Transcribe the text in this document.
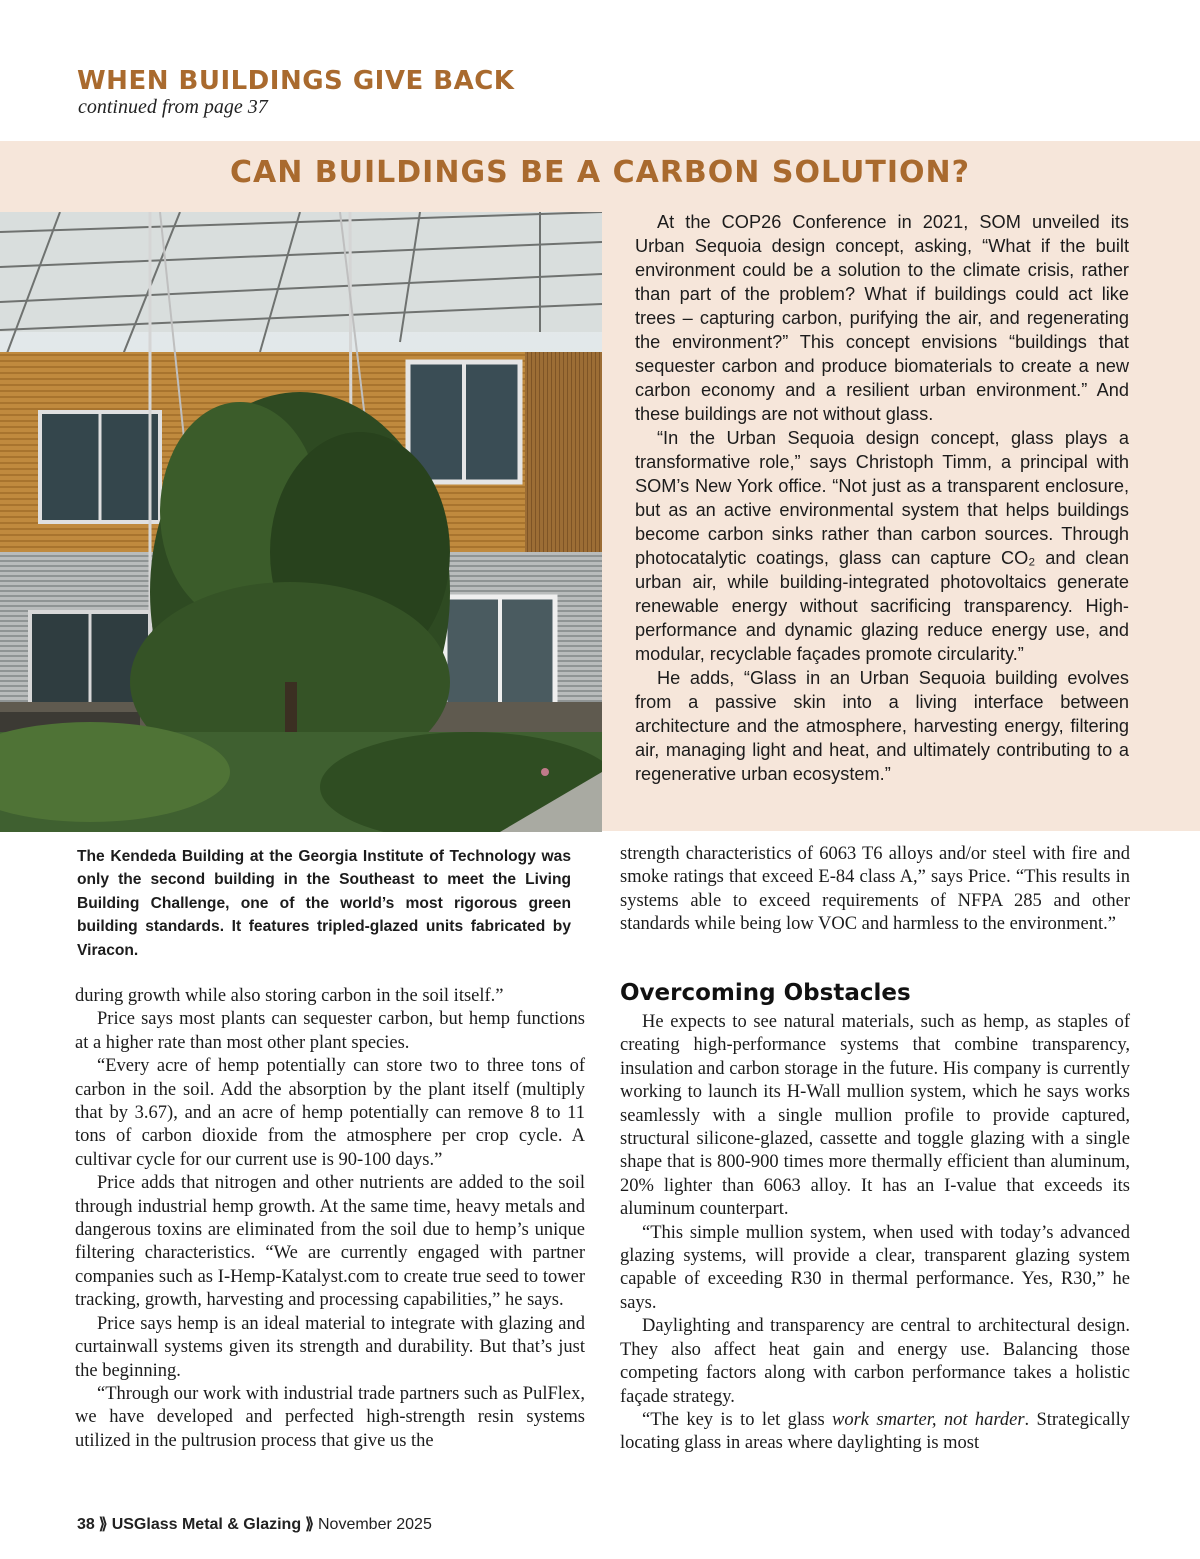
WHEN BUILDINGS GIVE BACK
continued from page 37
CAN BUILDINGS BE A CARBON SOLUTION?

At the COP26 Conference in 2021, SOM unveiled its Urban Sequoia design concept, asking, “What if the built environment could be a solution to the climate crisis, rather than part of the problem? What if buildings could act like trees – capturing carbon, purifying the air, and regenerating the environment?” This concept envisions “buildings that sequester carbon and produce biomaterials to create a new carbon economy and a resilient urban environment.” And these buildings are not without glass.

“In the Urban Sequoia design concept, glass plays a transformative role,” says Christoph Timm, a principal with SOM’s New York office. “Not just as a transparent enclosure, but as an active environmental system that helps buildings become carbon sinks rather than carbon sources. Through photocatalytic coatings, glass can capture CO₂ and clean urban air, while building-integrated photovoltaics generate renewable energy without sacrificing transparency. High-performance and dynamic glazing reduce energy use, and modular, recyclable façades promote circularity.”

He adds, “Glass in an Urban Sequoia building evolves from a passive skin into a living interface between architecture and the atmosphere, harvesting energy, filtering air, managing light and heat, and ultimately contributing to a regenerative urban ecosystem.”

The Kendeda Building at the Georgia Institute of Technology was only the second building in the Southeast to meet the Living Building Challenge, one of the world’s most rigorous green building standards. It features tripled-glazed units fabricated by Viracon.

during growth while also storing carbon in the soil itself.”

Price says most plants can sequester carbon, but hemp functions at a higher rate than most other plant species.

“Every acre of hemp potentially can store two to three tons of carbon in the soil. Add the absorption by the plant itself (multiply that by 3.67), and an acre of hemp potentially can remove 8 to 11 tons of carbon dioxide from the atmosphere per crop cycle. A cultivar cycle for our current use is 90-100 days.”

Price adds that nitrogen and other nutrients are added to the soil through industrial hemp growth. At the same time, heavy metals and dangerous toxins are eliminated from the soil due to hemp’s unique filtering characteristics. “We are currently engaged with partner companies such as I-Hemp-Katalyst.com to create true seed to tower tracking, growth, harvesting and processing capabilities,” he says.

Price says hemp is an ideal material to integrate with glazing and curtainwall systems given its strength and durability. But that’s just the beginning.

“Through our work with industrial trade partners such as PulFlex, we have developed and perfected high-strength resin systems utilized in the pultrusion process that give us the

strength characteristics of 6063 T6 alloys and/or steel with fire and smoke ratings that exceed E-84 class A,” says Price. “This results in systems able to exceed requirements of NFPA 285 and other standards while being low VOC and harmless to the environment.”

Overcoming Obstacles

He expects to see natural materials, such as hemp, as staples of creating high-performance systems that combine transparency, insulation and carbon storage in the future. His company is currently working to launch its H-Wall mullion system, which he says works seamlessly with a single mullion profile to provide captured, structural silicone-glazed, cassette and toggle glazing with a single shape that is 800-900 times more thermally efficient than aluminum, 20% lighter than 6063 alloy. It has an I-value that exceeds its aluminum counterpart.

“This simple mullion system, when used with today’s advanced glazing systems, will provide a clear, transparent glazing system capable of exceeding R30 in thermal performance. Yes, R30,” he says.

Daylighting and transparency are central to architectural design. They also affect heat gain and energy use. Balancing those competing factors along with carbon performance takes a holistic façade strategy.

“The key is to let glass work smarter, not harder. Strategically locating glass in areas where daylighting is most

38 ⟫ USGlass Metal & Glazing ⟫ November 2025
